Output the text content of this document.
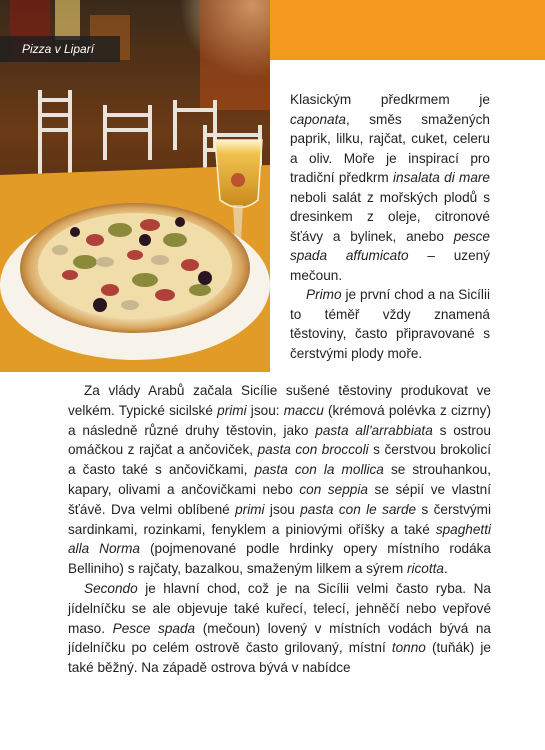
Pizza v Liparí

Klasickým předkrmem je caponata, směs smažených paprik, lilku, rajčat, cuket, celeru a oliv. Moře je inspirací pro tradiční předkrm insalata di mare neboli salát z mořských plodů s dresinkem z oleje, citronové šťávy a bylinek, anebo pesce spada affumicato – uzený mečoun.

Primo je první chod a na Sicílii to téměř vždy znamená těstoviny, často připravované s čerstvými plody moře.

Za vlády Arabů začala Sicílie sušené těstoviny produkovat ve velkém. Typické sicilské primi jsou: maccu (krémová polévka z cizrny) a následně různé druhy těstovin, jako pasta all'arrabbiata s ostrou omáčkou z rajčat a ančoviček, pasta con broccoli s čerstvou brokolicí a často také s ančovičkami, pasta con la mollica se strouhankou, kapary, olivami a ančovičkami nebo con seppia se sépií ve vlastní šťávě. Dva velmi oblíbené primi jsou pasta con le sarde s čerstvými sardinkami, rozinkami, fenyklem a piniovými oříšky a také spaghetti alla Norma (pojmenované podle hrdinky opery místního rodáka Belliniho) s rajčaty, bazalkou, smaženým lilkem a sýrem ricotta.

Secondo je hlavní chod, což je na Sicílii velmi často ryba. Na jídelníčku se ale objevuje také kuřecí, telecí, jehněčí nebo vepřové maso. Pesce spada (mečoun) lovený v místních vodách bývá na jídelníčku po celém ostrově často grilovaný, místní tonno (tuňák) je také běžný. Na západě ostrova bývá v nabídce
